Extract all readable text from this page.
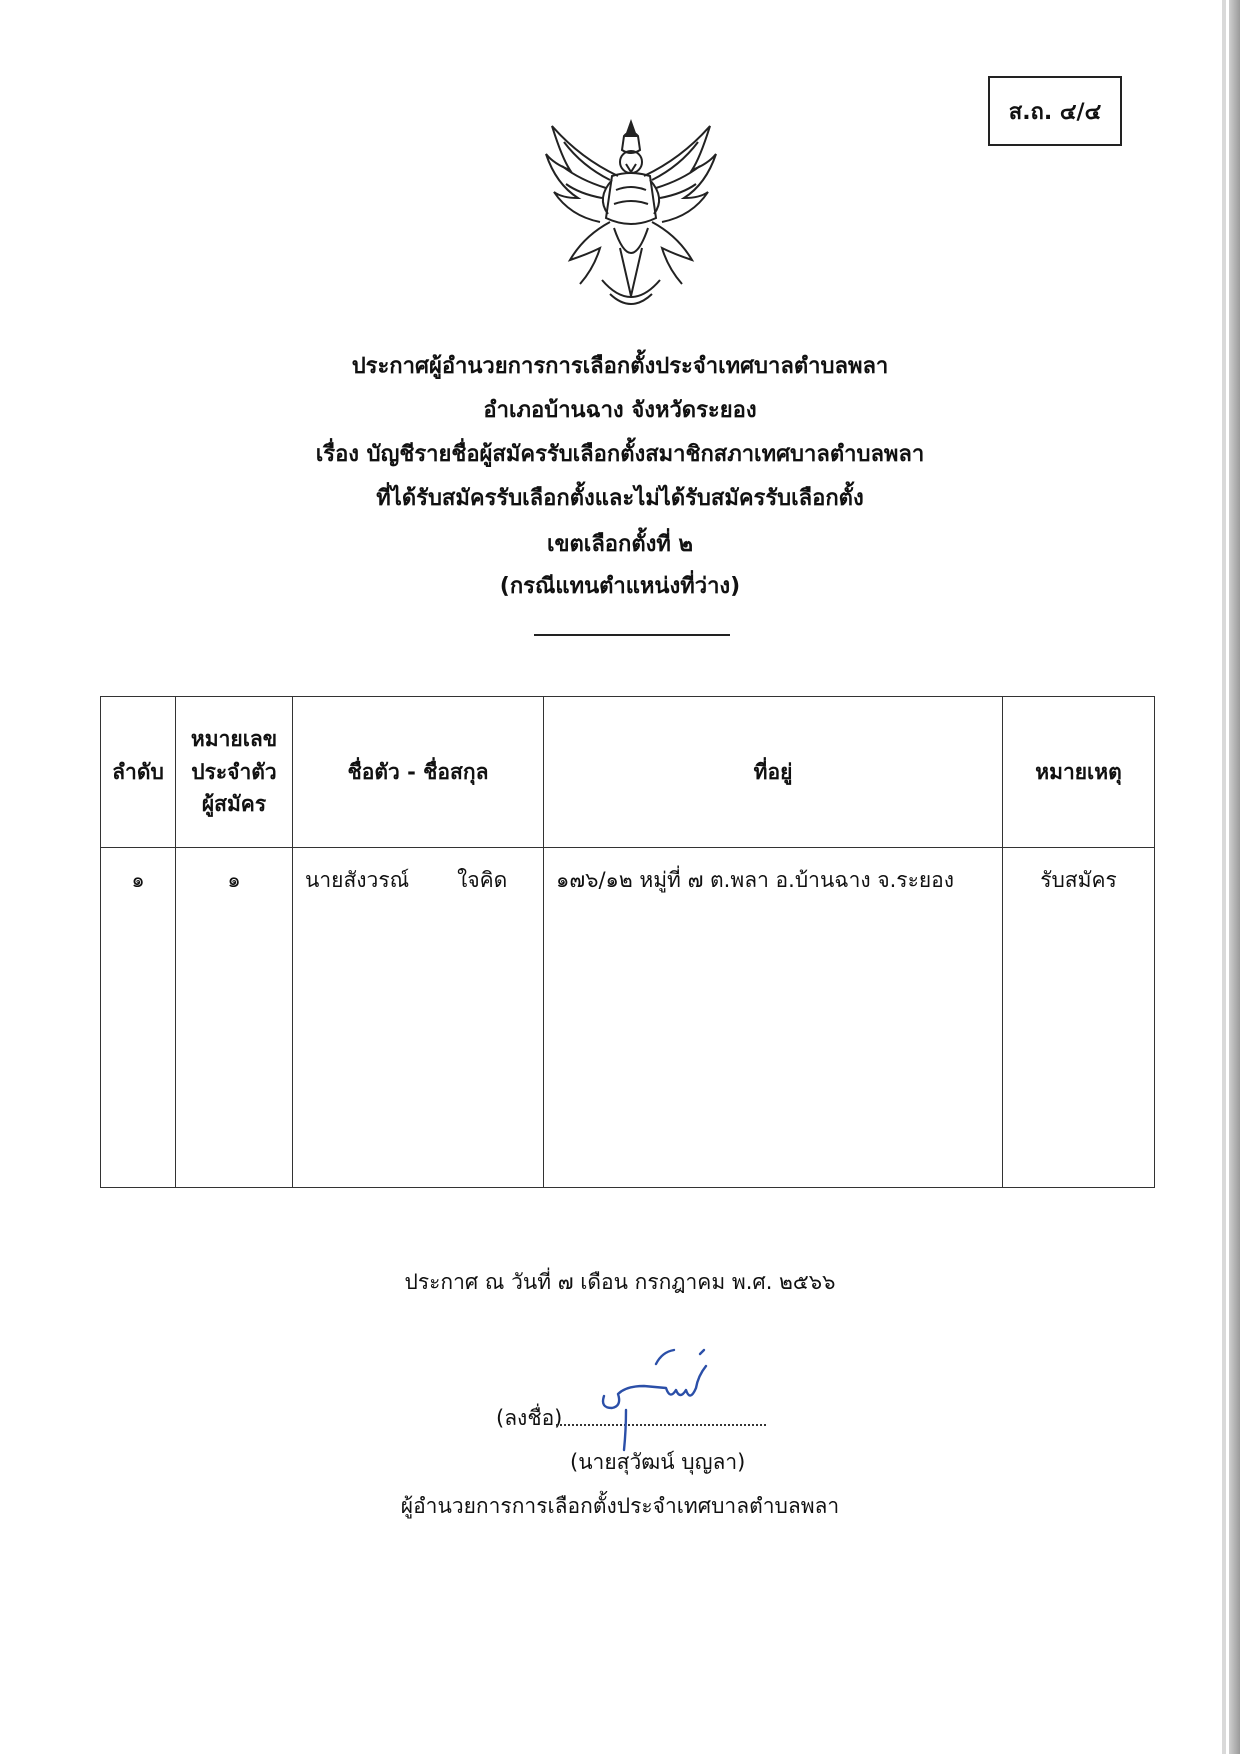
ส.ถ. ๔/๔
ประกาศผู้อำนวยการการเลือกตั้งประจำเทศบาลตำบลพลา
อำเภอบ้านฉาง จังหวัดระยอง
เรื่อง บัญชีรายชื่อผู้สมัครรับเลือกตั้งสมาชิกสภาเทศบาลตำบลพลา
ที่ได้รับสมัครรับเลือกตั้งและไม่ได้รับสมัครรับเลือกตั้ง
เขตเลือกตั้งที่ ๒
(กรณีแทนตำแหน่งที่ว่าง)
ลำดับ	หมายเลข
ประจำตัว
ผู้สมัคร	ชื่อตัว - ชื่อสกุล	ที่อยู่	หมายเหตุ
๑	๑	นายสังวรณ์ ใจคิด	๑๗๖/๑๒ หมู่ที่ ๗ ต.พลา อ.บ้านฉาง จ.ระยอง	รับสมัคร
ประกาศ ณ วันที่ ๗ เดือน กรกฎาคม พ.ศ. ๒๕๖๖
(ลงชื่อ)
(นายสุวัฒน์ บุญลา)
ผู้อำนวยการการเลือกตั้งประจำเทศบาลตำบลพลา
